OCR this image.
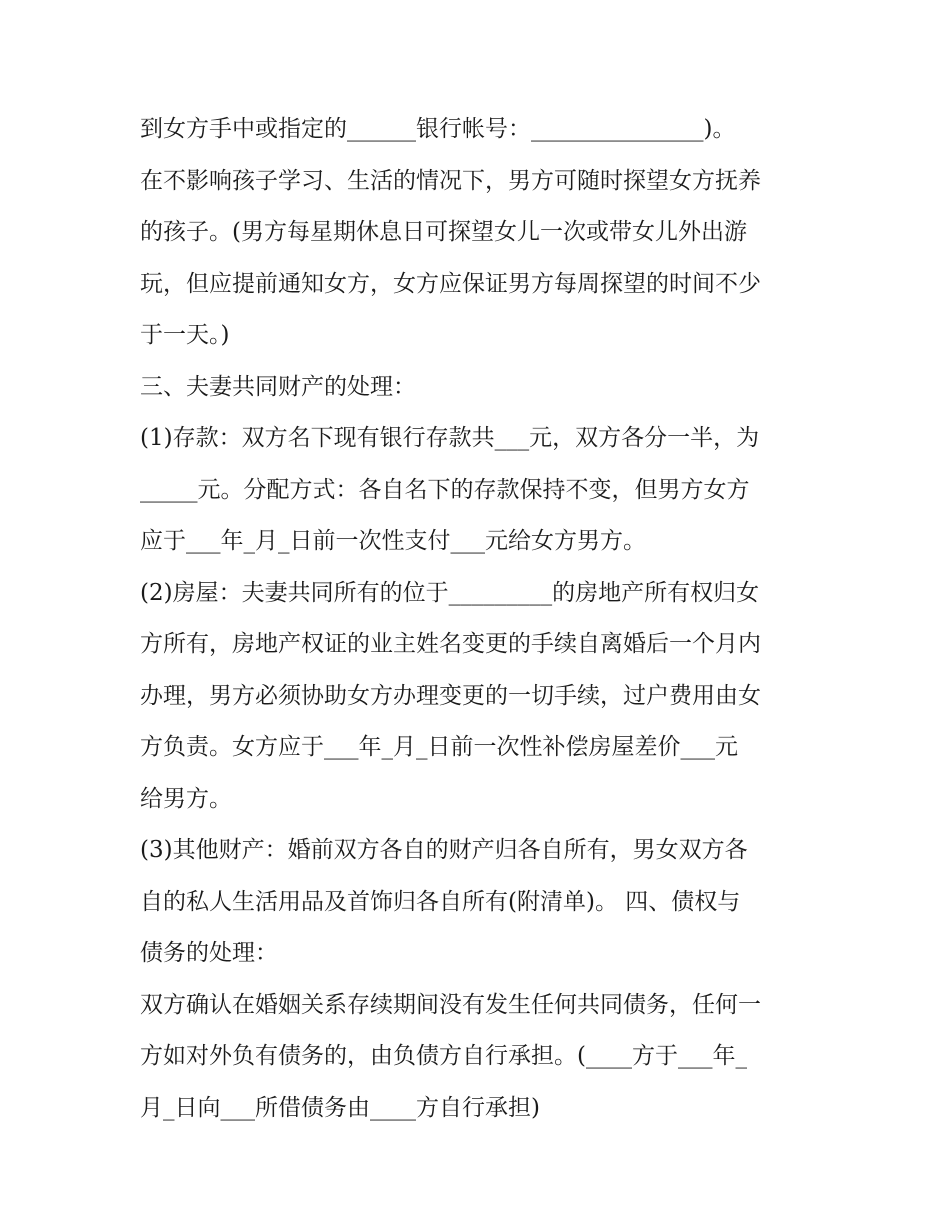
到女方手中或指定的______银行帐号：_______________)。
在不影响孩子学习、生活的情况下，男方可随时探望女方抚养
的孩子。(男方每星期休息日可探望女儿一次或带女儿外出游
玩，但应提前通知女方，女方应保证男方每周探望的时间不少
于一天。)
三、夫妻共同财产的处理：
(1)存款：双方名下现有银行存款共___元，双方各分一半，为
_____元。分配方式：各自名下的存款保持不变，但男方女方
应于___年_月_日前一次性支付___元给女方男方。
(2)房屋：夫妻共同所有的位于_________的房地产所有权归女
方所有，房地产权证的业主姓名变更的手续自离婚后一个月内
办理，男方必须协助女方办理变更的一切手续，过户费用由女
方负责。女方应于___年_月_日前一次性补偿房屋差价___元
给男方。
(3)其他财产：婚前双方各自的财产归各自所有，男女双方各
自的私人生活用品及首饰归各自所有(附清单)。 四、债权与
债务的处理：
双方确认在婚姻关系存续期间没有发生任何共同债务，任何一
方如对外负有债务的，由负债方自行承担。(____方于___年_
月_日向___所借债务由____方自行承担)
